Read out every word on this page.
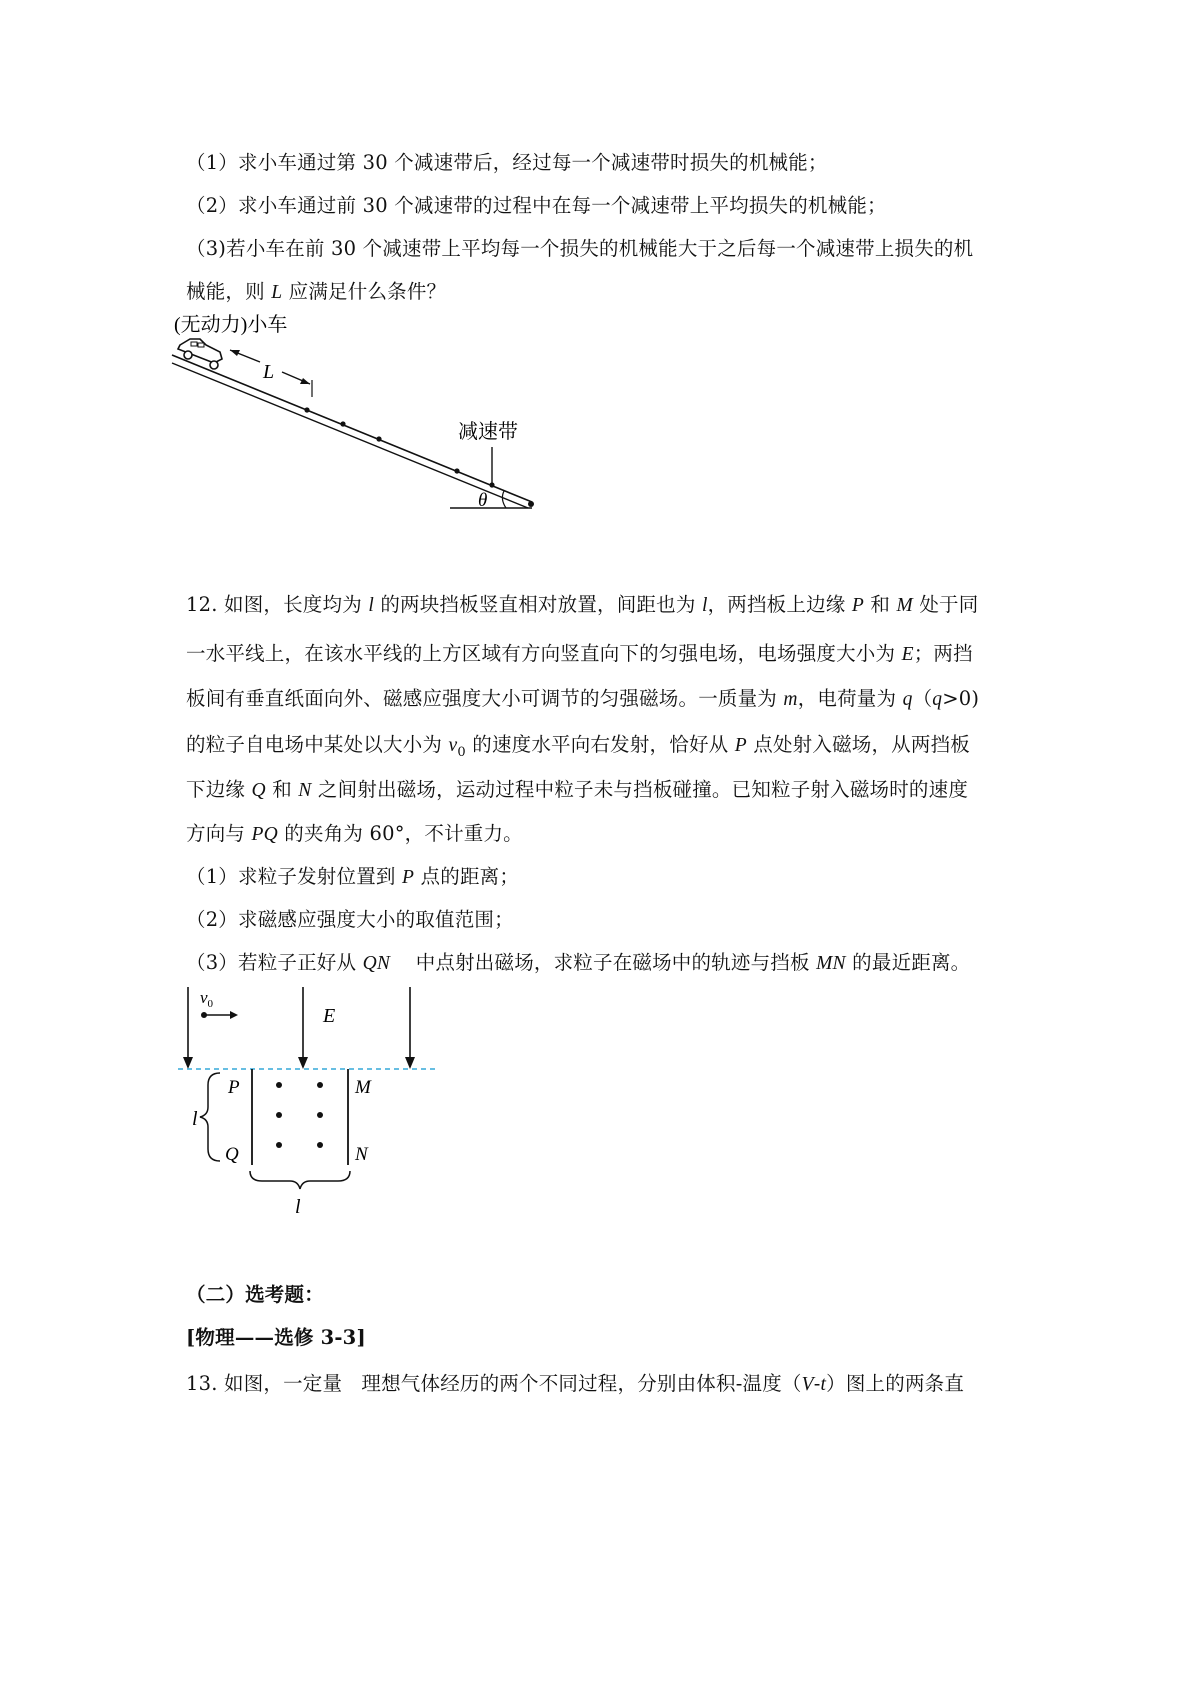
（1）求小车通过第 30 个减速带后，经过每一个减速带时损失的机械能；
（2）求小车通过前 30 个减速带的过程中在每一个减速带上平均损失的机械能；
（3)若小车在前 30 个减速带上平均每一个损失的机械能大于之后每一个减速带上损失的机
械能，则 L 应满足什么条件？
(无动力)小车
L
减速带
θ
12. 如图，长度均为 l 的两块挡板竖直相对放置，间距也为 l，两挡板上边缘 P 和 M 处于同
一水平线上，在该水平线的上方区域有方向竖直向下的匀强电场，电场强度大小为 E；两挡
板间有垂直纸面向外、磁感应强度大小可调节的匀强磁场。一质量为 m，电荷量为 q（q>0)
的粒子自电场中某处以大小为 $v_0$ 的速度水平向右发射，恰好从 P 点处射入磁场，从两挡板
下边缘 Q 和 N 之间射出磁场，运动过程中粒子未与挡板碰撞。已知粒子射入磁场时的速度
方向与 PQ 的夹角为 60°，不计重力。
（1）求粒子发射位置到 P 点的距离；
（2）求磁感应强度大小的取值范围；
（3）若粒子正好从 QN    中点射出磁场，求粒子在磁场中的轨迹与挡板 MN 的最近距离。
$v_0$
E
P
Q
M
N
l
l
（二）选考题：
[物理——选修 3-3]
13. 如图，一定量   理想气体经历的两个不同过程，分别由体积-温度（V-t）图上的两条直
